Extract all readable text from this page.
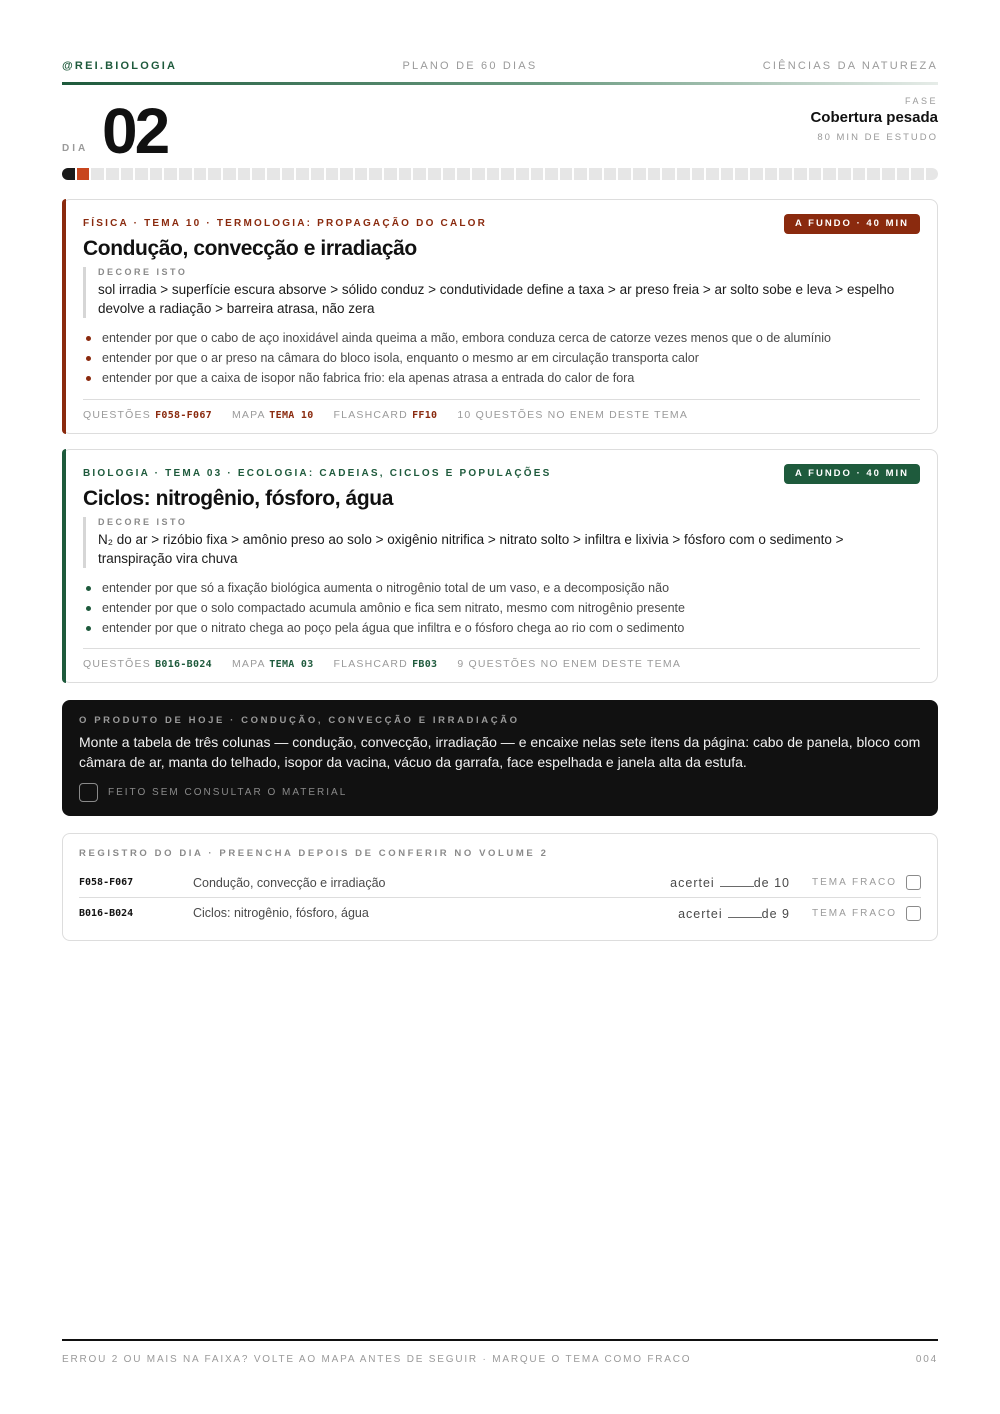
@REI.BIOLOGIA	PLANO DE 60 DIAS	CIÊNCIAS DA NATUREZA
DIA 02	FASE
Cobertura pesada
80 MIN DE ESTUDO
FÍSICA · TEMA 10 · TERMOLOGIA: PROPAGAÇÃO DO CALOR	A FUNDO · 40 MIN
Condução, convecção e irradiação
DECORE ISTO
sol irradia > superfície escura absorve > sólido conduz > condutividade define a taxa > ar preso freia > ar solto sobe e leva > espelho devolve a radiação > barreira atrasa, não zera
entender por que o cabo de aço inoxidável ainda queima a mão, embora conduza cerca de catorze vezes menos que o de alumínio
entender por que o ar preso na câmara do bloco isola, enquanto o mesmo ar em circulação transporta calor
entender por que a caixa de isopor não fabrica frio: ela apenas atrasa a entrada do calor de fora
QUESTÕES F058-F067 MAPA TEMA 10 FLASHCARD FF10 10 QUESTÕES NO ENEM DESTE TEMA
BIOLOGIA · TEMA 03 · ECOLOGIA: CADEIAS, CICLOS E POPULAÇÕES	A FUNDO · 40 MIN
Ciclos: nitrogênio, fósforo, água
DECORE ISTO
N₂ do ar > rizóbio fixa > amônio preso ao solo > oxigênio nitrifica > nitrato solto > infiltra e lixivia > fósforo com o sedimento > transpiração vira chuva
entender por que só a fixação biológica aumenta o nitrogênio total de um vaso, e a decomposição não
entender por que o solo compactado acumula amônio e fica sem nitrato, mesmo com nitrogênio presente
entender por que o nitrato chega ao poço pela água que infiltra e o fósforo chega ao rio com o sedimento
QUESTÕES B016-B024 MAPA TEMA 03 FLASHCARD FB03 9 QUESTÕES NO ENEM DESTE TEMA
O PRODUTO DE HOJE · CONDUÇÃO, CONVECÇÃO E IRRADIAÇÃO
Monte a tabela de três colunas — condução, convecção, irradiação — e encaixe nelas sete itens da página: cabo de panela, bloco com câmara de ar, manta do telhado, isopor da vacina, vácuo da garrafa, face espelhada e janela alta da estufa.
FEITO SEM CONSULTAR O MATERIAL
REGISTRO DO DIA · PREENCHA DEPOIS DE CONFERIR NO VOLUME 2
F058-F067	Condução, convecção e irradiação	acertei	de 10 TEMA FRACO
B016-B024	Ciclos: nitrogênio, fósforo, água	acertei	de 9 TEMA FRACO
ERROU 2 OU MAIS NA FAIXA? VOLTE AO MAPA ANTES DE SEGUIR · MARQUE O TEMA COMO FRACO	004
